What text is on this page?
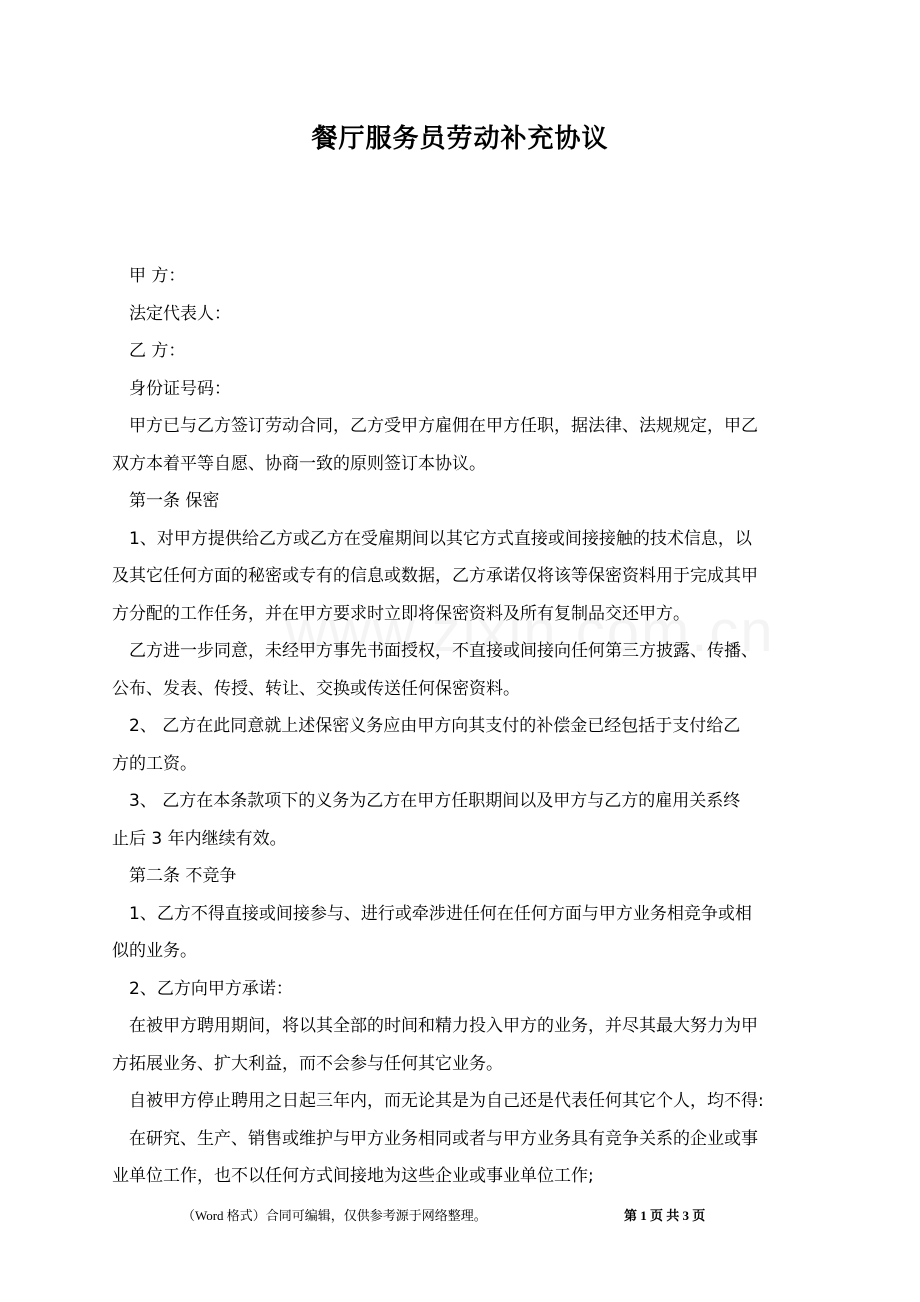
餐厅服务员劳动补充协议

　甲 方：

　法定代表人：

　乙 方：

　身份证号码：

　甲方已与乙方签订劳动合同，乙方受甲方雇佣在甲方任职，据法律、法规规定，甲乙

双方本着平等自愿、协商一致的原则签订本协议。

　第一条 保密

　1、对甲方提供给乙方或乙方在受雇期间以其它方式直接或间接接触的技术信息，以

及其它任何方面的秘密或专有的信息或数据，乙方承诺仅将该等保密资料用于完成其甲

方分配的工作任务，并在甲方要求时立即将保密资料及所有复制品交还甲方。

　乙方进一步同意，未经甲方事先书面授权，不直接或间接向任何第三方披露、传播、

公布、发表、传授、转让、交换或传送任何保密资料。

　2、 乙方在此同意就上述保密义务应由甲方向其支付的补偿金已经包括于支付给乙

方的工资。

　3、 乙方在本条款项下的义务为乙方在甲方任职期间以及甲方与乙方的雇用关系终

止后 3 年内继续有效。

　第二条 不竞争

　1、乙方不得直接或间接参与、进行或牵涉进任何在任何方面与甲方业务相竞争或相

似的业务。

　2、乙方向甲方承诺：

　在被甲方聘用期间，将以其全部的时间和精力投入甲方的业务，并尽其最大努力为甲

方拓展业务、扩大利益，而不会参与任何其它业务。

　自被甲方停止聘用之日起三年内，而无论其是为自己还是代表任何其它个人，均不得:

　在研究、生产、销售或维护与甲方业务相同或者与甲方业务具有竞争关系的企业或事

业单位工作，也不以任何方式间接地为这些企业或事业单位工作;

（Word 格式）合同可编辑，仅供参考源于网络整理。	第 1 页 共 3 页
